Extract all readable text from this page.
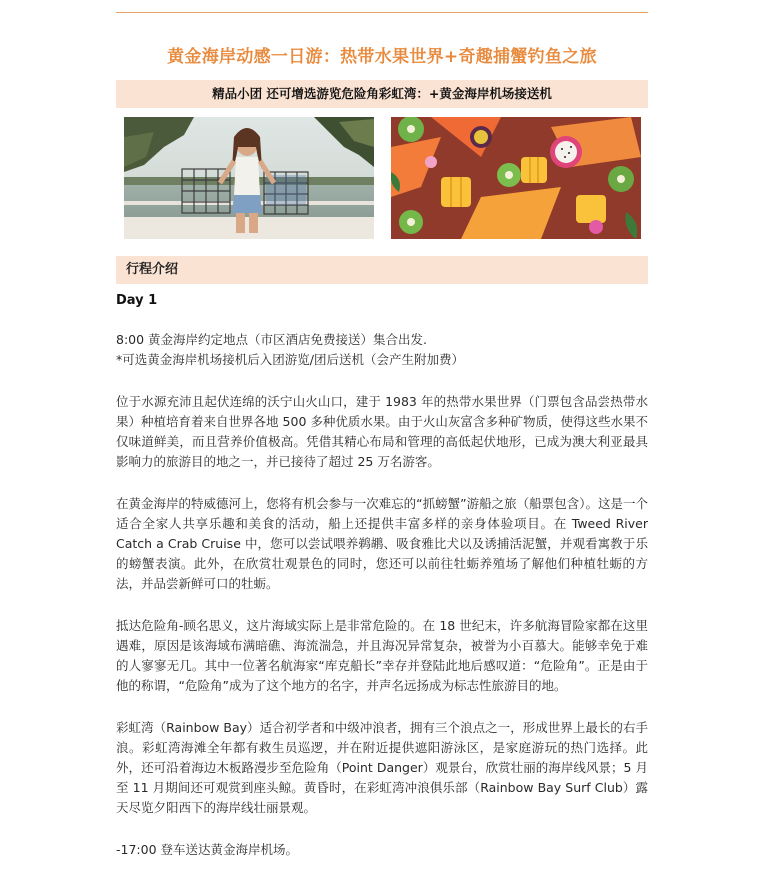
黄金海岸动感一日游：热带水果世界+奇趣捕蟹钓鱼之旅
精品小团 还可增选游览危险角彩虹湾：+黄金海岸机场接送机
行程介绍
Day 1

8:00 黄金海岸约定地点（市区酒店免费接送）集合出发.
*可选黄金海岸机场接机后入团游览/团后送机（会产生附加费）

位于水源充沛且起伏连绵的沃宁山火山口，建于 1983 年的热带水果世界（门票包含品尝热带水果）种植培育着来自世界各地 500 多种优质水果。由于火山灰富含多种矿物质，使得这些水果不仅味道鲜美，而且营养价值极高。凭借其精心布局和管理的高低起伏地形，已成为澳大利亚最具影响力的旅游目的地之一，并已接待了超过 25 万名游客。

在黄金海岸的特威德河上，您将有机会参与一次难忘的“抓螃蟹”游船之旅（船票包含）。这是一个适合全家人共享乐趣和美食的活动，船上还提供丰富多样的亲身体验项目。在 Tweed River Catch a Crab Cruise 中，您可以尝试喂养鹈鹕、吸食雅比犬以及诱捕活泥蟹，并观看寓教于乐的螃蟹表演。此外，在欣赏壮观景色的同时，您还可以前往牡蛎养殖场了解他们种植牡蛎的方法，并品尝新鲜可口的牡蛎。

抵达危险角-顾名思义，这片海域实际上是非常危险的。在 18 世纪末，许多航海冒险家都在这里遇难，原因是该海域布满暗礁、海流湍急，并且海况异常复杂，被誉为小百慕大。能够幸免于难的人寥寥无几。其中一位著名航海家“库克船长”幸存并登陆此地后感叹道：“危险角”。正是由于他的称谓，“危险角”成为了这个地方的名字，并声名远扬成为标志性旅游目的地。

彩虹湾（Rainbow Bay）适合初学者和中级冲浪者，拥有三个浪点之一，形成世界上最长的右手浪。彩虹湾海滩全年都有救生员巡逻，并在附近提供遮阳游泳区，是家庭游玩的热门选择。此外，还可沿着海边木板路漫步至危险角（Point Danger）观景台，欣赏壮丽的海岸线风景；5 月至 11 月期间还可观赏到座头鲸。黄昏时，在彩虹湾冲浪俱乐部（Rainbow Bay Surf Club）露天尽览夕阳西下的海岸线壮丽景观。

-17:00 登车送达黄金海岸机场。
